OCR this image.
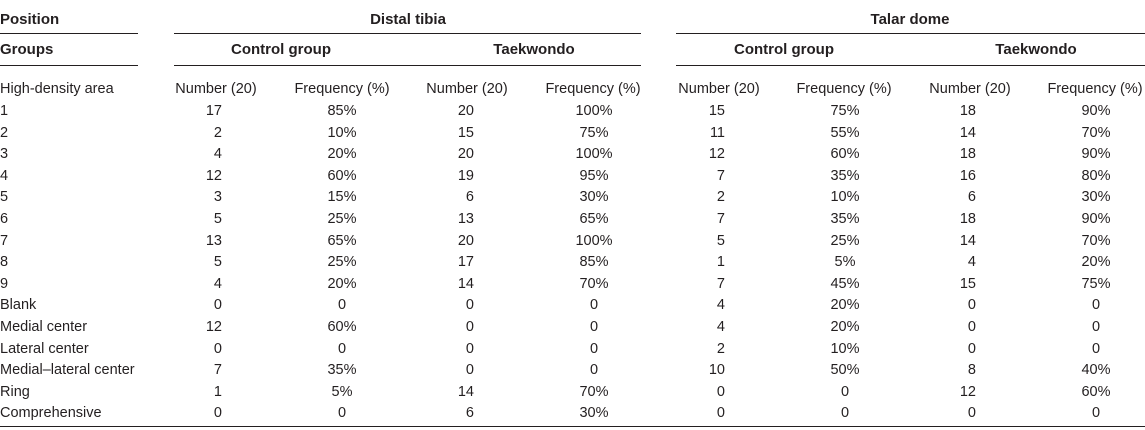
Position	Distal tibia	Talar dome
Groups	Control group	Taekwondo	Control group	Taekwondo
High-density area	Number (20)	Frequency (%)	Number (20)	Frequency (%)	Number (20)	Frequency (%)	Number (20)	Frequency (%)
1	17	85%	20	100%	15	75%	18	90%
2	2	10%	15	75%	11	55%	14	70%
3	4	20%	20	100%	12	60%	18	90%
4	12	60%	19	95%	7	35%	16	80%
5	3	15%	6	30%	2	10%	6	30%
6	5	25%	13	65%	7	35%	18	90%
7	13	65%	20	100%	5	25%	14	70%
8	5	25%	17	85%	1	5%	4	20%
9	4	20%	14	70%	7	45%	15	75%
Blank	0	0	0	0	4	20%	0	0
Medial center	12	60%	0	0	4	20%	0	0
Lateral center	0	0	0	0	2	10%	0	0
Medial–lateral center	7	35%	0	0	10	50%	8	40%
Ring	1	5%	14	70%	0	0	12	60%
Comprehensive	0	0	6	30%	0	0	0	0
